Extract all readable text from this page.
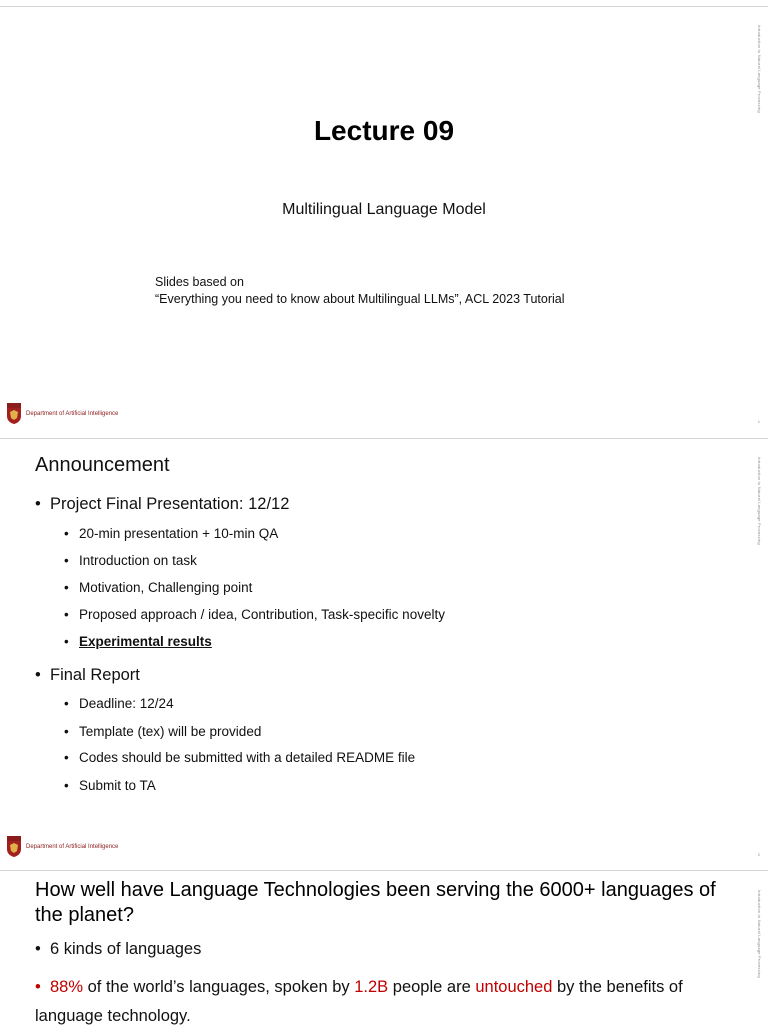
Introduction to Natural Language Processing
Lecture 09
Multilingual Language Model
Slides based on
“Everything you need to know about Multilingual LLMs”, ACL 2023 Tutorial
Department of Artificial Intelligence
1
Introduction to Natural Language Processing
Announcement
• Project Final Presentation: 12/12
• 20-min presentation + 10-min QA
• Introduction on task
• Motivation, Challenging point
• Proposed approach / idea, Contribution, Task-specific novelty
• Experimental results
• Final Report
• Deadline: 12/24
• Template (tex) will be provided
• Codes should be submitted with a detailed README file
• Submit to TA
Department of Artificial Intelligence
2
Introduction to Natural Language Processing
How well have Language Technologies been serving the 6000+ languages of the planet?
• 6 kinds of languages
• 88% of the world’s languages, spoken by 1.2B people are untouched by the benefits of language technology.
